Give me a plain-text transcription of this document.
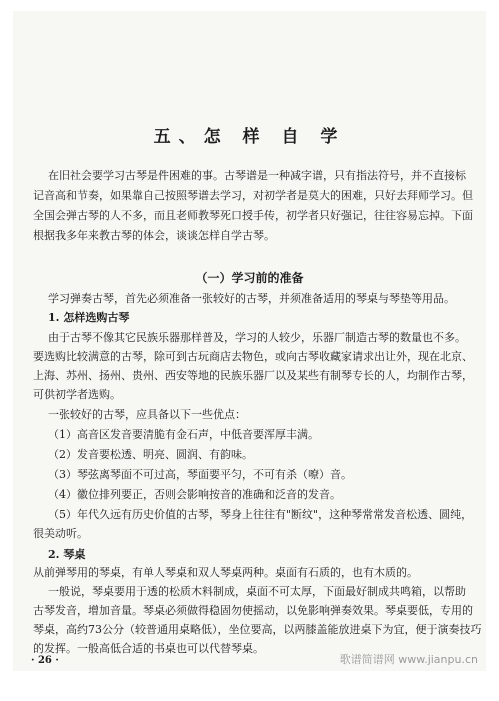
五、怎 样 自 学

在旧社会要学习古琴是件困难的事。古琴谱是一种减字谱，只有指法符号，并不直接标

记音高和节奏，如果靠自己按照琴谱去学习，对初学者是莫大的困难，只好去拜师学习。但

全国会弹古琴的人不多，而且老师教琴死口授手传，初学者只好强记，往往容易忘掉。下面

根据我多年来教古琴的体会，谈谈怎样自学古琴。

（一）学习前的准备

学习弹奏古琴，首先必须准备一张较好的古琴，并须准备适用的琴桌与琴垫等用品。

1. 怎样选购古琴

由于古琴不像其它民族乐器那样普及，学习的人较少，乐器厂制造古琴的数量也不多。

要选购比较满意的古琴，除可到古玩商店去物色，或向古琴收藏家请求出让外，现在北京、

上海、苏州、扬州、贵州、西安等地的民族乐器厂以及某些有制琴专长的人，均制作古琴，

可供初学者选购。

一张较好的古琴，应具备以下一些优点：

（1）高音区发音要清脆有金石声，中低音要浑厚丰满。

（2）发音要松透、明亮、圆润、有韵味。

（3）琴弦离琴面不可过高，琴面要平匀，不可有杀（嘹）音。

（4）徽位排列要正，否则会影响按音的准确和泛音的发音。

（5）年代久远有历史价值的古琴，琴身上往往有"断纹"，这种琴常常发音松透、圆纯，

很美动听。

2. 琴桌

从前弹琴用的琴桌，有单人琴桌和双人琴桌两种。桌面有石质的，也有木质的。

一般说，琴桌要用于透的松质木料制成，桌面不可太厚，下面最好制成共鸣箱，以帮助

古琴发音，增加音量。琴桌必须做得稳固勿使摇动，以免影响弹奏效果。琴桌要低，专用的

琴桌，高约73公分（较普通用桌略低），坐位要高，以两膝盖能放进桌下为宜，便于演奏技巧

的发挥。一般高低合适的书桌也可以代替琴桌。

· 26 ·	歌谱简谱网 www.jianpu.cn
